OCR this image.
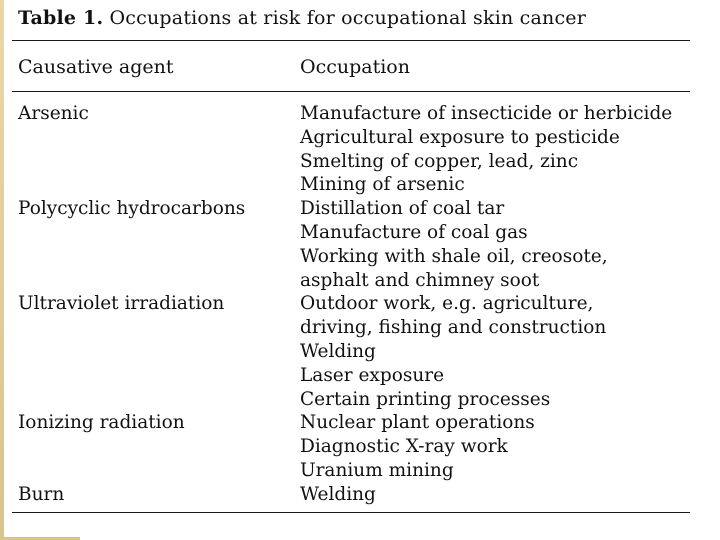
Table 1. Occupations at risk for occupational skin cancer
Causative agent	Occupation
Arsenic	Manufacture of insecticide or herbicide
Agricultural exposure to pesticide
Smelting of copper, lead, zinc
Mining of arsenic
Polycyclic hydrocarbons	Distillation of coal tar
Manufacture of coal gas
Working with shale oil, creosote,
asphalt and chimney soot
Ultraviolet irradiation	Outdoor work, e.g. agriculture,
driving, fishing and construction
Welding
Laser exposure
Certain printing processes
Ionizing radiation	Nuclear plant operations
Diagnostic X-ray work
Uranium mining
Burn	Welding
